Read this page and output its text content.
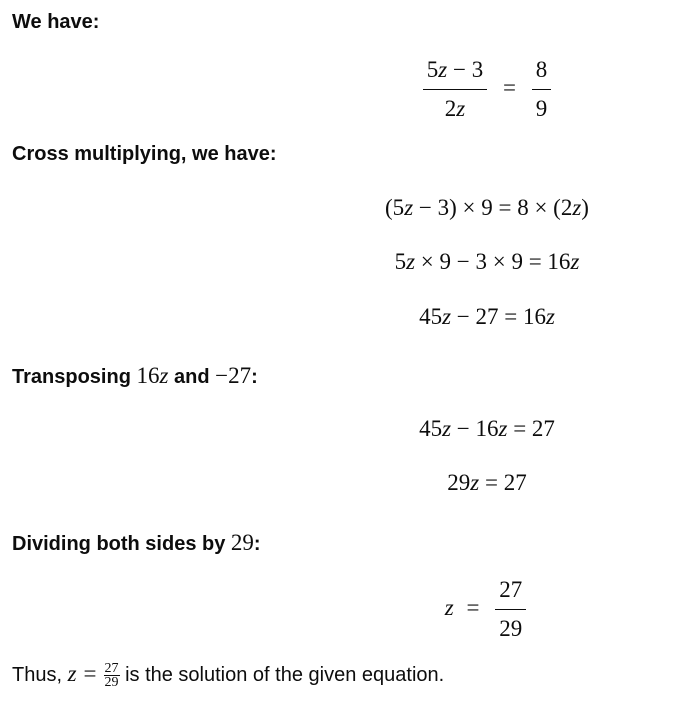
We have:
$\frac{5z - 3}{2z} = \frac{8}{9}$
Cross multiplying, we have:
(5z − 3) × 9 = 8 × (2z)
5z × 9 − 3 × 9 = 16z
45z − 27 = 16z
Transposing 16z and −27:
45z − 16z = 27
29z = 27
Dividing both sides by 29:
$z = \frac{27}{29}$
Thus, $z = \frac{27}{29}$ is the solution of the given equation.
